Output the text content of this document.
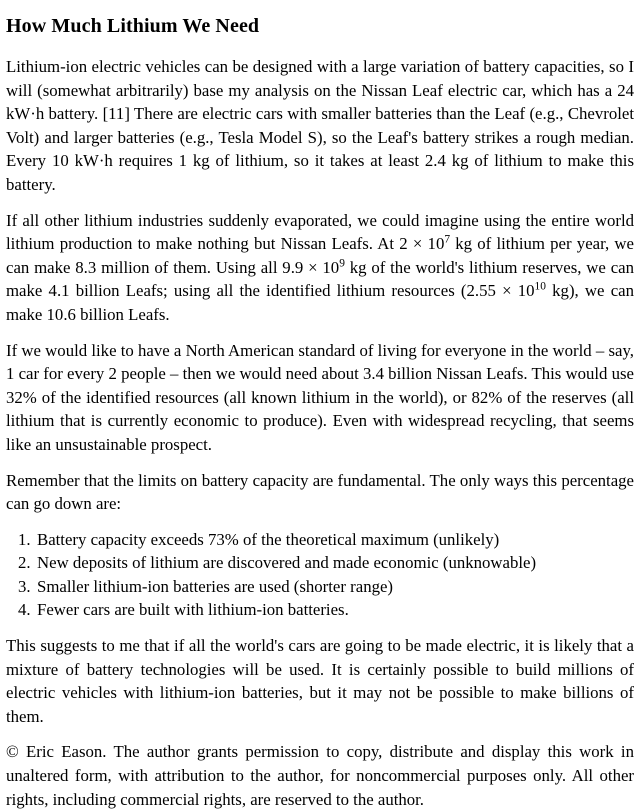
How Much Lithium We Need

Lithium-ion electric vehicles can be designed with a large variation of battery capacities, so I will (somewhat arbitrarily) base my analysis on the Nissan Leaf electric car, which has a 24 kW·h battery. [11] There are electric cars with smaller batteries than the Leaf (e.g., Chevrolet Volt) and larger batteries (e.g., Tesla Model S), so the Leaf's battery strikes a rough median. Every 10 kW·h requires 1 kg of lithium, so it takes at least 2.4 kg of lithium to make this battery.

If all other lithium industries suddenly evaporated, we could imagine using the entire world lithium production to make nothing but Nissan Leafs. At $2 \times 10^7$ kg of lithium per year, we can make 8.3 million of them. Using all $9.9 \times 10^9$ kg of the world's lithium reserves, we can make 4.1 billion Leafs; using all the identified lithium resources ($2.55 \times 10^{10}$ kg), we can make 10.6 billion Leafs.

If we would like to have a North American standard of living for everyone in the world – say, 1 car for every 2 people – then we would need about 3.4 billion Nissan Leafs. This would use 32% of the identified resources (all known lithium in the world), or 82% of the reserves (all lithium that is currently economic to produce). Even with widespread recycling, that seems like an unsustainable prospect.

Remember that the limits on battery capacity are fundamental. The only ways this percentage can go down are:

Battery capacity exceeds 73% of the theoretical maximum (unlikely)
New deposits of lithium are discovered and made economic (unknowable)
Smaller lithium-ion batteries are used (shorter range)
Fewer cars are built with lithium-ion batteries.

This suggests to me that if all the world's cars are going to be made electric, it is likely that a mixture of battery technologies will be used. It is certainly possible to build millions of electric vehicles with lithium-ion batteries, but it may not be possible to make billions of them.

© Eric Eason. The author grants permission to copy, distribute and display this work in unaltered form, with attribution to the author, for noncommercial purposes only. All other rights, including commercial rights, are reserved to the author.
